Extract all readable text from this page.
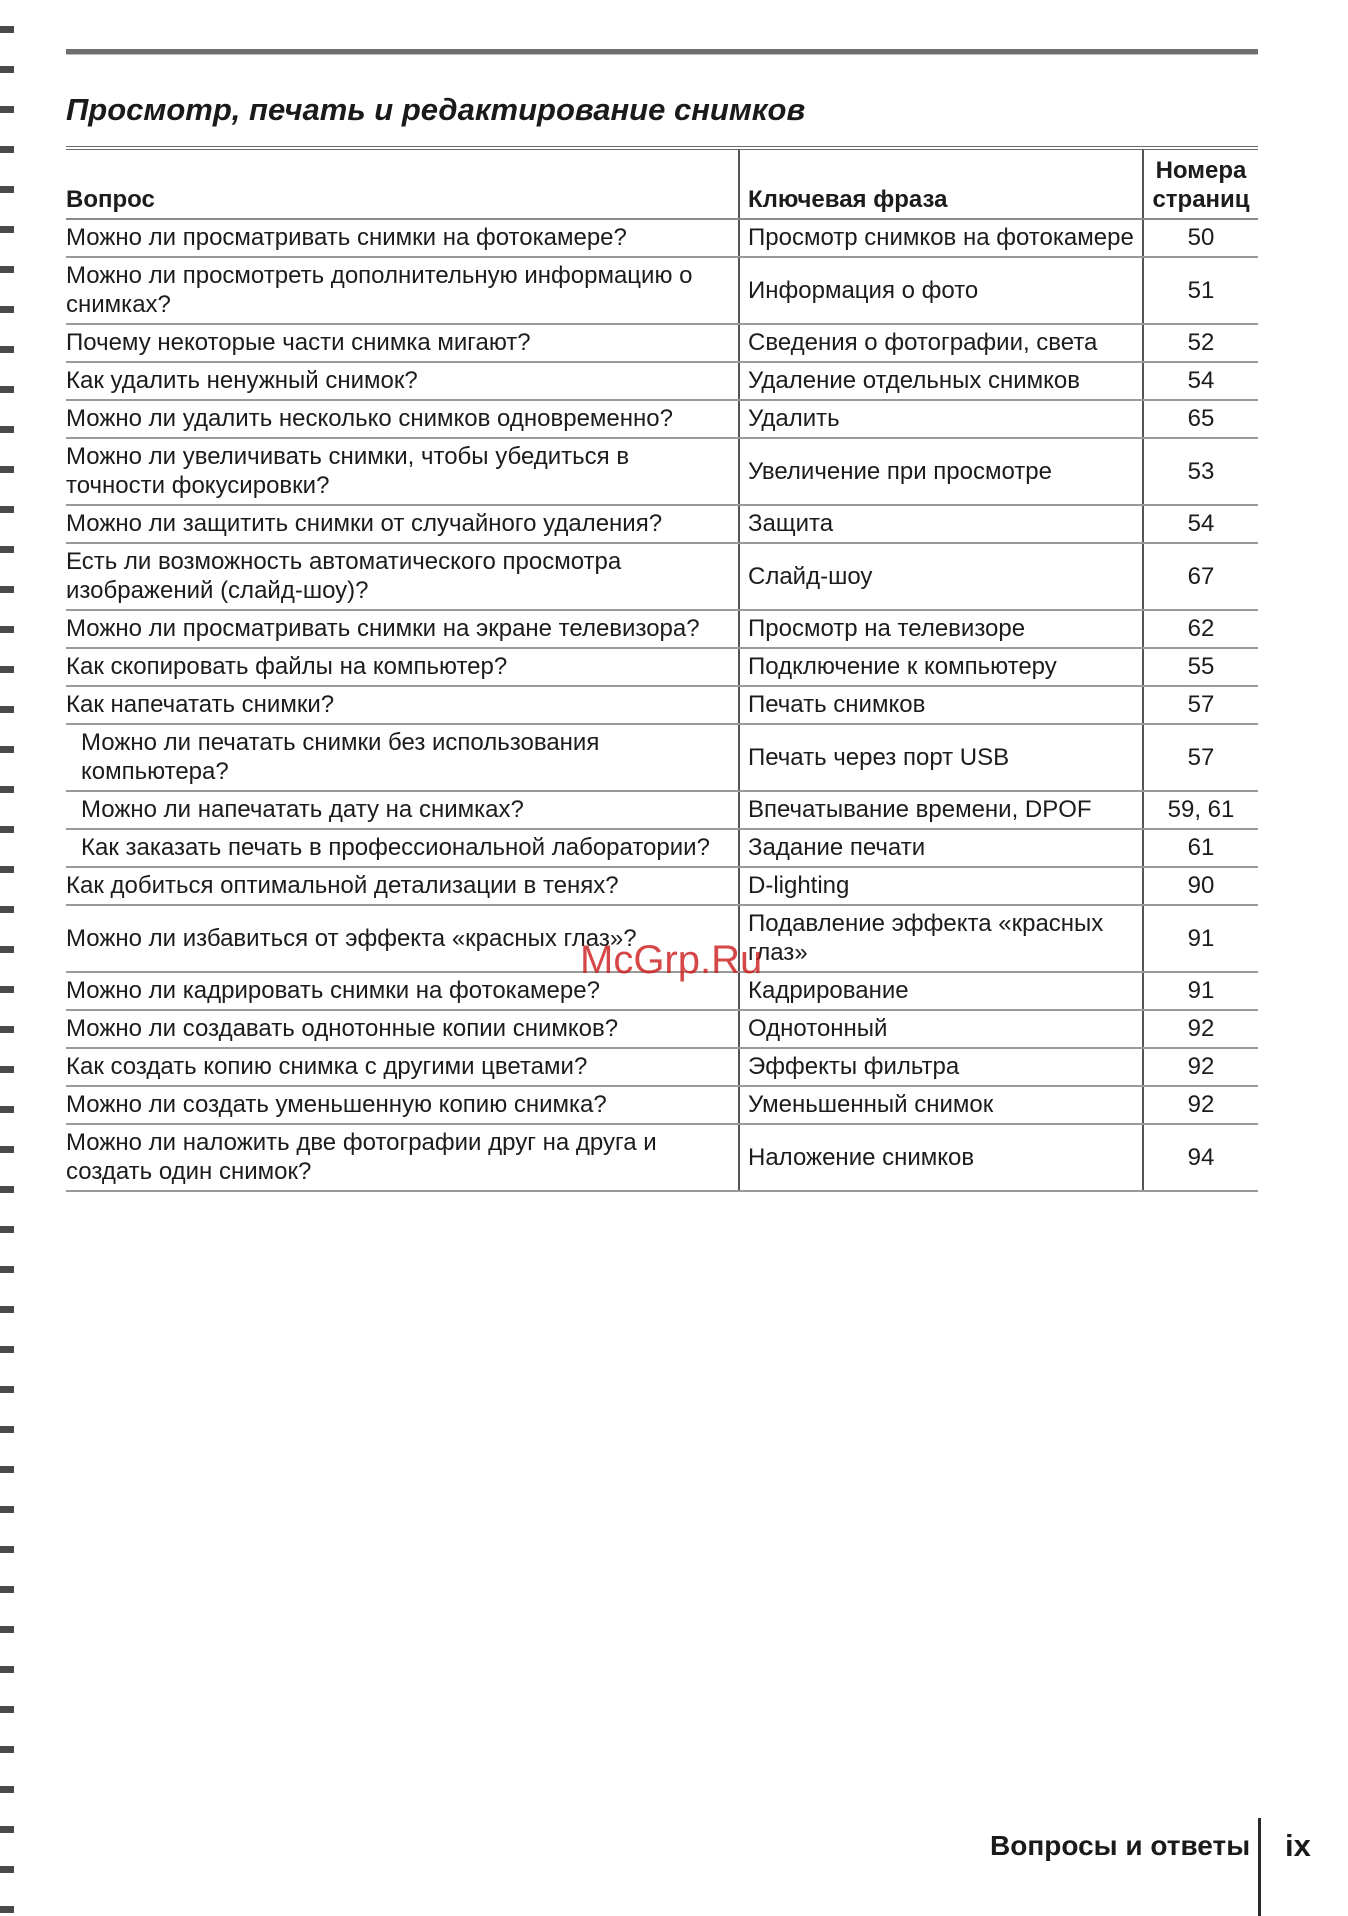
Просмотр, печать и редактирование снимков
Вопрос	Ключевая фраза	Номера
страниц
Можно ли просматривать снимки на фотокамере?	Просмотр снимков на фотокамере	50
Можно ли просмотреть дополнительную информацию о снимках?	Информация о фото	51
Почему некоторые части снимка мигают?	Сведения о фотографии, света	52
Как удалить ненужный снимок?	Удаление отдельных снимков	54
Можно ли удалить несколько снимков одновременно?	Удалить	65
Можно ли увеличивать снимки, чтобы убедиться в точности фокусировки?	Увеличение при просмотре	53
Можно ли защитить снимки от случайного удаления?	Защита	54
Есть ли возможность автоматического просмотра изображений (слайд-шоу)?	Слайд-шоу	67
Можно ли просматривать снимки на экране телевизора?	Просмотр на телевизоре	62
Как скопировать файлы на компьютер?	Подключение к компьютеру	55
Как напечатать снимки?	Печать снимков	57
Можно ли печатать снимки без использования компьютера?	Печать через порт USB	57
Можно ли напечатать дату на снимках?	Впечатывание времени, DPOF	59, 61
Как заказать печать в профессиональной лаборатории?	Задание печати	61
Как добиться оптимальной детализации в тенях?	D-lighting	90
Можно ли избавиться от эффекта «красных глаз»?	Подавление эффекта «красных глаз»	91
Можно ли кадрировать снимки на фотокамере?	Кадрирование	91
Можно ли создавать однотонные копии снимков?	Однотонный	92
Как создать копию снимка с другими цветами?	Эффекты фильтра	92
Можно ли создать уменьшенную копию снимка?	Уменьшенный снимок	92
Можно ли наложить две фотографии друг на друга и создать один снимок?	Наложение снимков	94
McGrp.Ru
Вопросы и ответы ix
